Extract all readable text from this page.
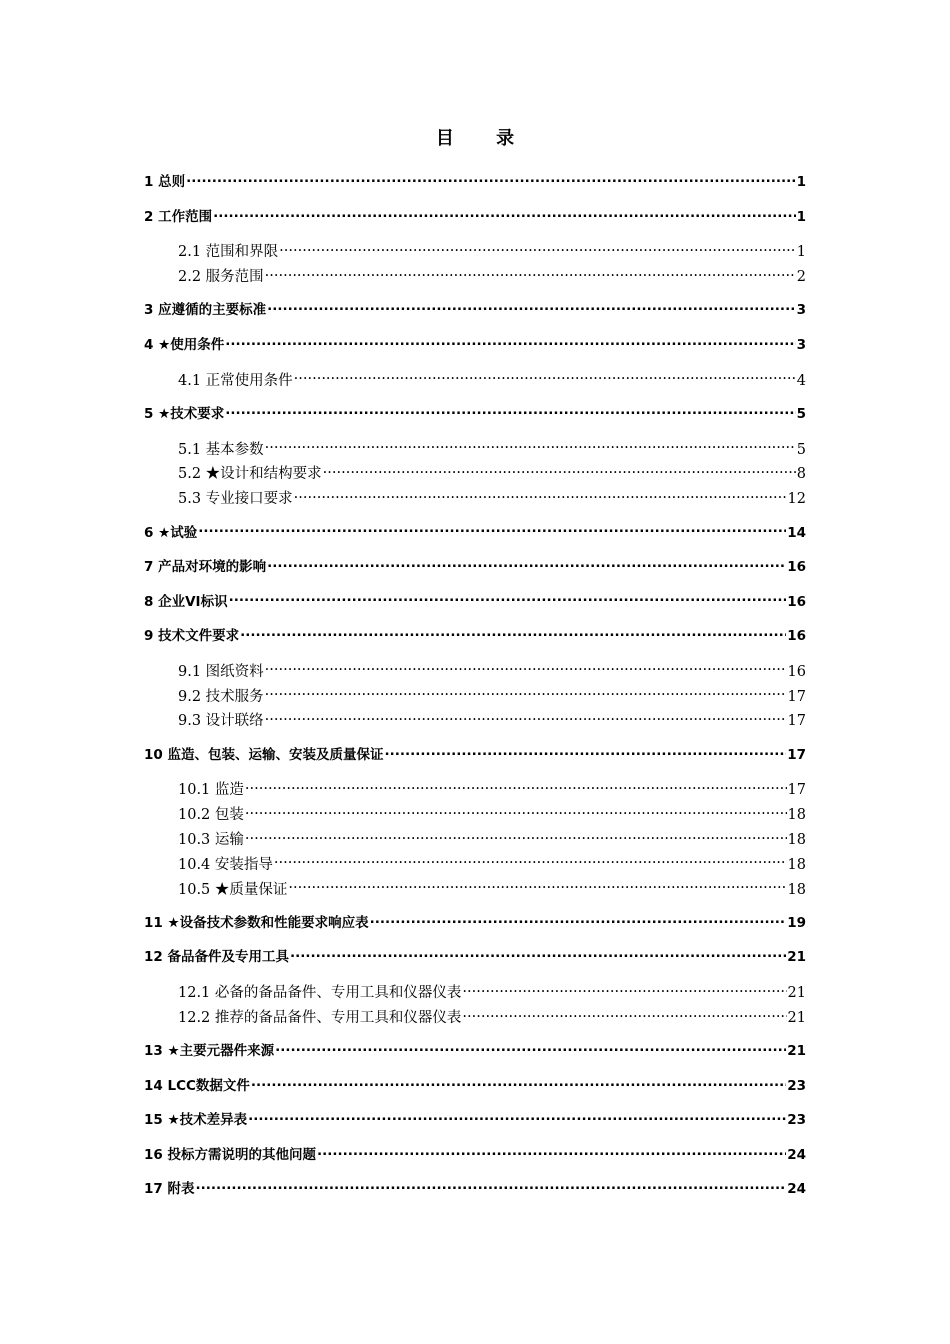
目 录
1 总则 .....	1
2 工作范围 .....	1
2.1 范围和界限 .....	1
2.2 服务范围 .....	2
3 应遵循的主要标准 .....	3
4 ★使用条件 .....	3
4.1 正常使用条件 .....	4
5 ★技术要求 .....	5
5.1 基本参数 .....	5
5.2 ★设计和结构要求 .....	8
5.3 专业接口要求 .....	12
6 ★试验 .....	14
7 产品对环境的影响 .....	16
8 企业VI标识 .....	16
9 技术文件要求 .....	16
9.1 图纸资料 .....	16
9.2 技术服务 .....	17
9.3 设计联络 .....	17
10 监造、包装、运输、安装及质量保证 .....	17
10.1 监造 .....	17
10.2 包装 .....	18
10.3 运输 .....	18
10.4 安装指导 .....	18
10.5 ★质量保证 .....	18
11 ★设备技术参数和性能要求响应表 .....	19
12 备品备件及专用工具 .....	21
12.1 必备的备品备件、专用工具和仪器仪表 .....	21
12.2 推荐的备品备件、专用工具和仪器仪表 .....	21
13 ★主要元器件来源 .....	21
14 LCC数据文件 .....	23
15 ★技术差异表 .....	23
16 投标方需说明的其他问题 .....	24
17 附表 .....	24
